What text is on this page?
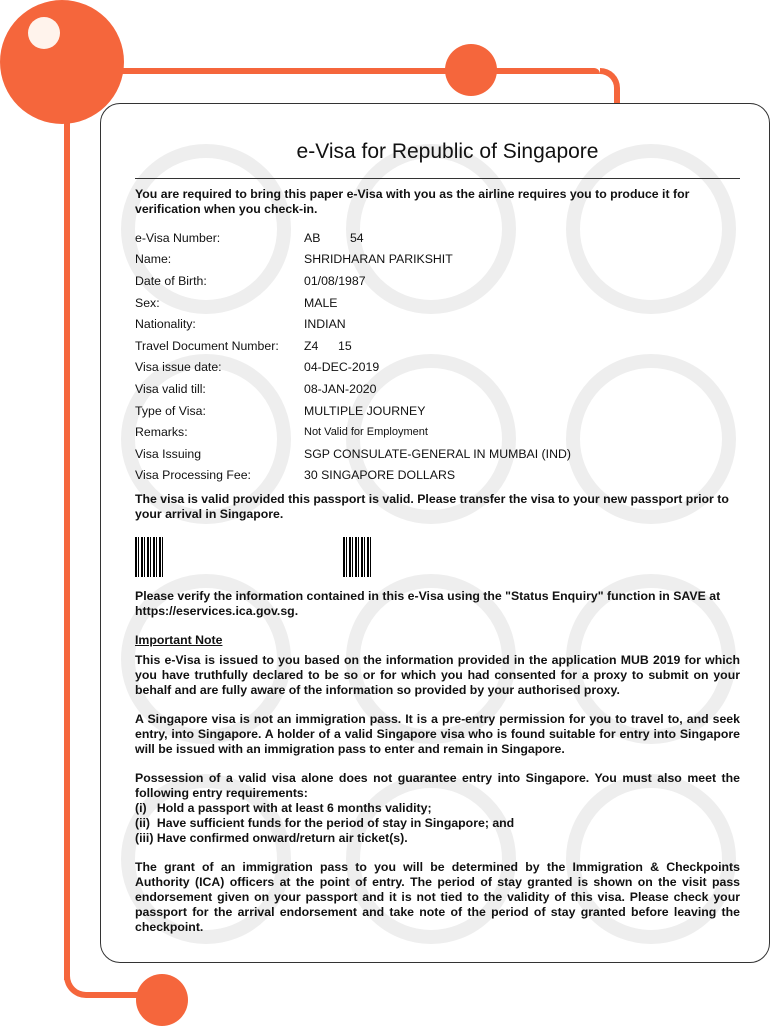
e-Visa for Republic of Singapore

You are required to bring this paper e-Visa with you as the airline requires you to produce it for verification when you check-in.

e-Visa Number:	AB            54
Name:	SHRIDHARAN PARIKSHIT
Date of Birth:	01/08/1987
Sex:	MALE
Nationality:	INDIAN
Travel Document Number:	Z4        15
Visa issue date:	04-DEC-2019
Visa valid till:	08-JAN-2020
Type of Visa:	MULTIPLE JOURNEY
Remarks:	Not Valid for Employment
Visa Issuing	SGP CONSULATE-GENERAL IN MUMBAI (IND)
Visa Processing Fee:	30 SINGAPORE DOLLARS

The visa is valid provided this passport is valid. Please transfer the visa to your new passport prior to your arrival in Singapore.

Please verify the information contained in this e-Visa using the "Status Enquiry" function in SAVE at https://eservices.ica.gov.sg.

Important Note

This e-Visa is issued to you based on the information provided in the application MUB 2019 for which you have truthfully declared to be so or for which you had consented for a proxy to submit on your behalf and are fully aware of the information so provided by your authorised proxy.

A Singapore visa is not an immigration pass. It is a pre-entry permission for you to travel to, and seek entry, into Singapore. A holder of a valid Singapore visa who is found suitable for entry into Singapore will be issued with an immigration pass to enter and remain in Singapore.

Possession of a valid visa alone does not guarantee entry into Singapore. You must also meet the following entry requirements:

(i)   Hold a passport with at least 6 months validity;

(ii)  Have sufficient funds for the period of stay in Singapore; and

(iii) Have confirmed onward/return air ticket(s).

The grant of an immigration pass to you will be determined by the Immigration & Checkpoints Authority (ICA) officers at the point of entry. The period of stay granted is shown on the visit pass endorsement given on your passport and it is not tied to the validity of this visa. Please check your passport for the arrival endorsement and take note of the period of stay granted before leaving the checkpoint.
